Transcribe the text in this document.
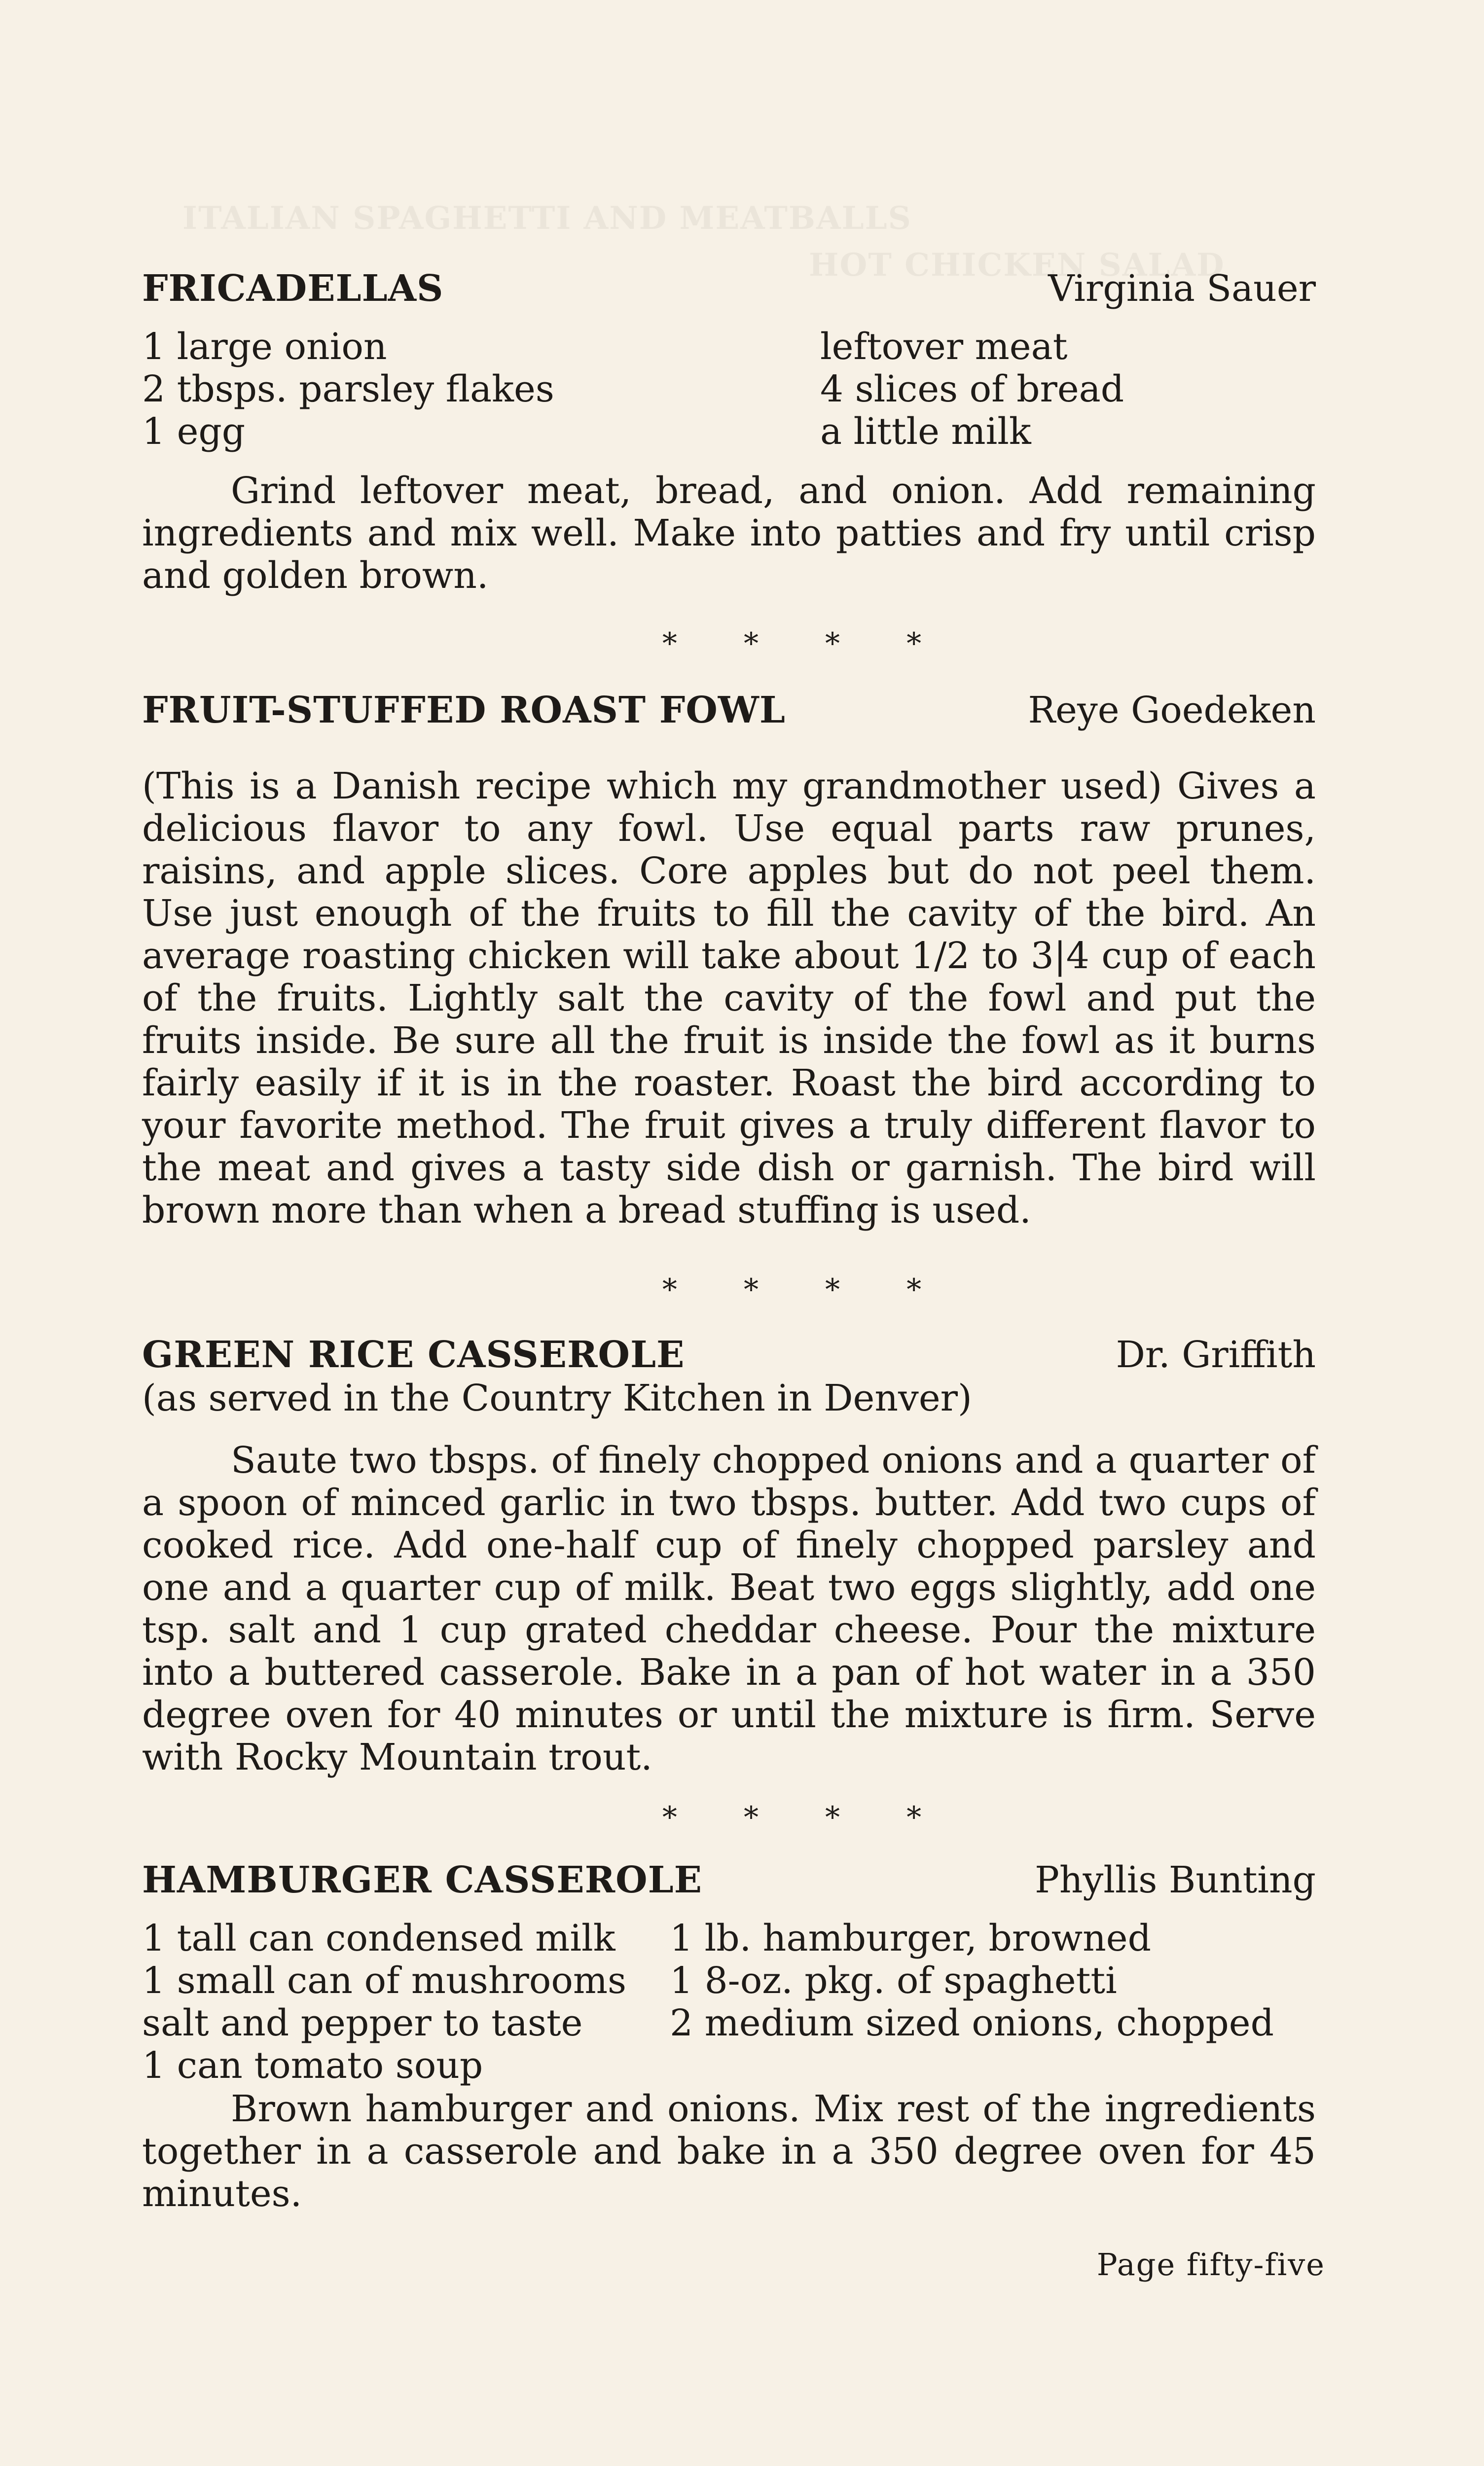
ITALIAN SPAGHETTI AND MEATBALLS
HOT CHICKEN SALAD
FRICADELLAS	Virginia Sauer
1 large onion	leftover meat
2 tbsps. parsley flakes	4 slices of bread
1 egg	a little milk

Grind leftover meat, bread, and onion. Add remaining ingredients and mix well. Make into patties and fry until crisp and golden brown.

* * * *
FRUIT-STUFFED ROAST FOWL	Reye Goedeken

(This is a Danish recipe which my grandmother used) Gives a delicious flavor to any fowl. Use equal parts raw prunes, raisins, and apple slices. Core apples but do not peel them. Use just enough of the fruits to fill the cavity of the bird. An average roasting chicken will take about 1/2 to 3|4 cup of each of the fruits. Lightly salt the cavity of the fowl and put the fruits inside. Be sure all the fruit is inside the fowl as it burns fairly easily if it is in the roaster. Roast the bird according to your favorite method. The fruit gives a truly different flavor to the meat and gives a tasty side dish or garnish. The bird will brown more than when a bread stuffing is used.

* * * *
GREEN RICE CASSEROLE	Dr. Griffith
(as served in the Country Kitchen in Denver)

Saute two tbsps. of finely chopped onions and a quarter of a spoon of minced garlic in two tbsps. butter. Add two cups of cooked rice. Add one-half cup of finely chopped parsley and one and a quarter cup of milk. Beat two eggs slightly, add one tsp. salt and 1 cup grated cheddar cheese. Pour the mixture into a buttered casserole. Bake in a pan of hot water in a 350 degree oven for 40 minutes or until the mixture is firm. Serve with Rocky Mountain trout.

* * * *
HAMBURGER CASSEROLE	Phyllis Bunting
1 tall can condensed milk	1 lb. hamburger, browned
1 small can of mushrooms	1 8-oz. pkg. of spaghetti
salt and pepper to taste	2 medium sized onions, chopped
1 can tomato soup

Brown hamburger and onions. Mix rest of the ingredients together in a casserole and bake in a 350 degree oven for 45 minutes.

Page fifty-five
